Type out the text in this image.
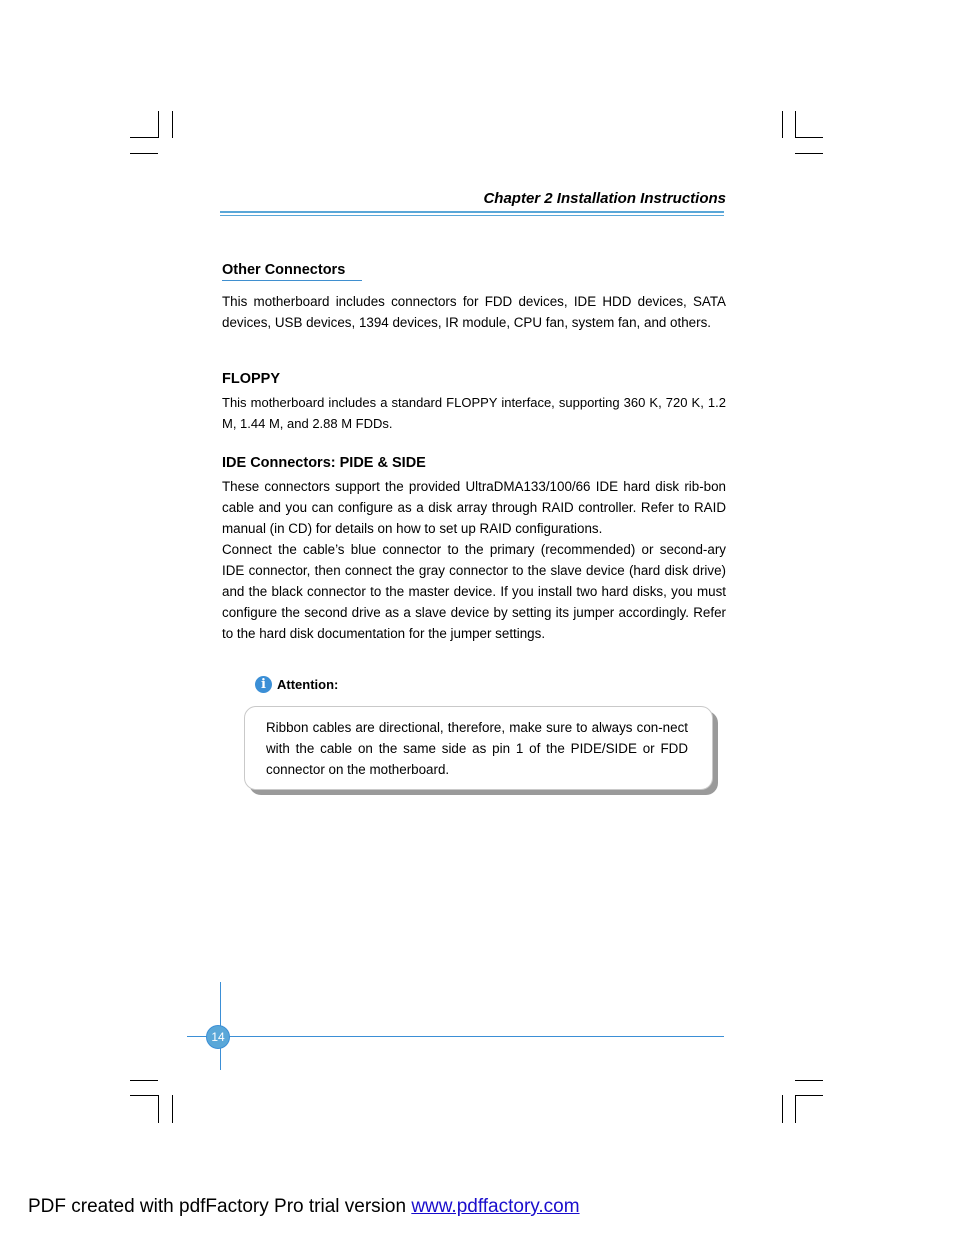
Chapter 2 Installation Instructions
Other Connectors
This motherboard includes connectors for FDD devices, IDE HDD devices, SATA devices, USB devices, 1394 devices, IR module, CPU fan, system fan, and others.
FLOPPY
This motherboard includes a standard FLOPPY interface, supporting 360 K, 720 K, 1.2 M, 1.44 M, and 2.88 M FDDs.
IDE Connectors: PIDE & SIDE
These connectors support the provided UltraDMA133/100/66 IDE hard disk rib-bon cable and you can configure as a disk array through RAID controller. Refer to RAID manual (in CD) for details on how to set up RAID configurations.
Connect the cable’s blue connector to the primary (recommended) or second-ary IDE connector, then connect the gray connector to the slave device (hard disk drive) and the black connector to the master device. If you install two hard disks, you must configure the second drive as a slave device by setting its jumper accordingly. Refer to the hard disk documentation for the jumper settings.
i Attention:
Ribbon cables are directional, therefore, make sure to always con-nect with the cable on the same side as pin 1 of the PIDE/SIDE or FDD connector on the motherboard.
14
PDF created with pdfFactory Pro trial version www.pdffactory.com
